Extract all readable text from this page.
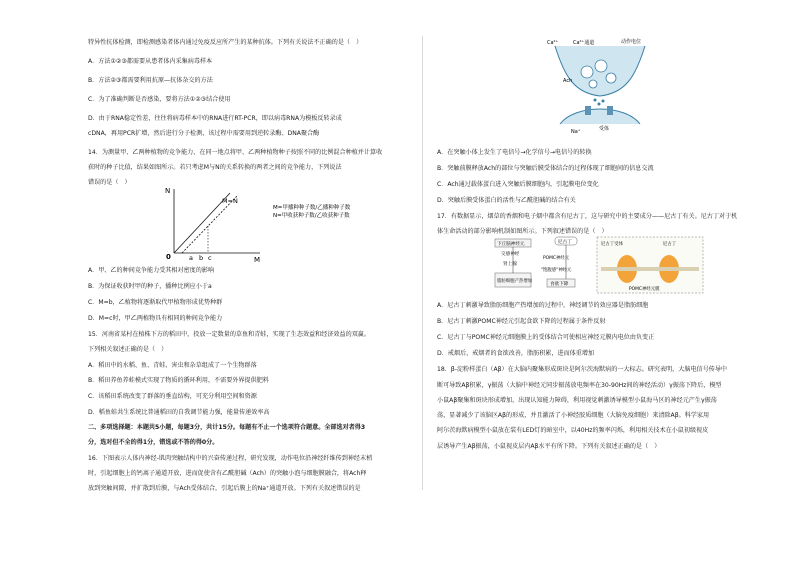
特异性抗体检测，即检测感染者体内通过免疫反应所产生的某种抗体。下列有关说法不正确的是（　）
A．方法①②③都需要从患者体内采集病毒样本
B．方法②③都需要利用抗原—抗体杂交的方法
C．为了准确判断是否感染，要将方法①②③结合使用
D．由于RNA稳定性差，往往将病毒样本中的RNA进行RT-PCR，即以病毒RNA为模板反转录成
cDNA，再用PCR扩增，然后进行分子检测，该过程中需要用到逆转录酶、DNA聚合酶
14．为测量甲、乙两种植物的竞争能力，在同一地点将甲、乙两种植物种子按照不同的比例混合种植并计算收
获时的种子比值，结果如图所示。若只考虑M与N的关系转换的两者之间的竞争能力，下列说法
错误的是（　）
N
M
0	a b c
M=N
M=甲播种种子数/乙播种种子数
N=甲收获种子数/乙收获种子数
A．甲、乙的种间竞争能力受其相对密度的影响
B．为保证收获时甲的种子，播种比例应小于a
C．M=b，乙植物将逐渐取代甲植物形成优势种群
D．M=c时，甲乙两植物具有相同的种间竞争能力
15．河南省某村在植株下方的稻田中，投放一定数量的草鱼和青蛙，实现了生态效益和经济效益的双赢。
下列相关叙述正确的是（　）
A．稻田中的水稻、鱼、青蛙、害虫和杂草组成了一个生物群落
B．稻田养鱼养蛙模式实现了物质的循环利用，不需要外界提供肥料
C．该稻田系统改变了群落的垂直结构，可充分利用空间和资源
D．稻鱼蛙共生系统比普通稻田的自我调节能力强，能量传递效率高
二、多项选择题：本题共5小题，每题3分，共计15分。每题有不止一个选项符合题意。全部选对者得3
分，选对但不全的得1分，错选或不答的得0分。
16．下图表示人体内神经-肌肉突触结构中的兴奋传递过程，研究发现，动作电位沿神经纤维传到神经末梢
时，引起细胞上的钙离子通道开放，进而促使含有乙酰胆碱（Ach）的突触小泡与细胞膜融合，将Ach释
放到突触间隙，并扩散到后膜，与Ach受体结合，引起后膜上的Na⁺通道开放。下列有关叙述错误的是
Ca²⁺	Ca²⁺通道	动作电位
Ach
Na⁺	受体
A．在突触小体上发生了电信号→化学信号→电信号的转换
B．突触前膜释放Ach的部位与突触后膜受体结合的过程体现了细胞间的信息交流
C．Ach通过载体蛋白进入突触后膜细胞内，引起膜电位变化
D．突触后膜受体蛋白的活性与乙酰胆碱的结合有关
17．有数据显示，烟草的香烟和电子烟中都含有尼古丁，这与研究中的主要成分——尼古丁有关。尼古丁对于机
体生命活动的部分影响机制如图所示。下列叙述错误的是（　）
下丘脑神经元
交感神经
肾上腺
脂肪细胞产热增加
尼古丁
POMC神经元
"饱腹感"神经元
食欲下降
尼古丁受体	尼古丁
POMC神经元膜
A．尼古丁刺激导致脂肪细胞产热增加的过程中，神经调节的效应器是脂肪细胞
B．尼古丁刺激POMC神经元引起食欲下降的过程属于条件反射
C．尼古丁与POMC神经元细胞膜上的受体结合可使相应神经元膜内电位由负变正
D．戒烟后，戒烟者的食欲改善，脂肪积累，进而体重增加
18．β-淀粉样蛋白（Aβ）在大脑内聚集形成斑块是阿尔茨海默病的一大标志。研究表明，大脑电信号传导中
断可导致Aβ积累，γ振荡（大脑中神经元同步振荡放电频率在30-90Hz间的神经活动）γ振荡下降后，模型
小鼠Aβ聚集和斑块形成增加，出现认知能力障碍，利用视觉刺激诱导模型小鼠海马区的神经元产生γ振荡
荡，显著减少了该脑区Aβ的形成，并且激活了小神经胶质细胞（大脑免疫细胞）来清除Aβ。科学家用
阿尔茨海默病模型小鼠放在装有LED灯的暗室中，以40Hz的频率闪烁，利用相关技术在小鼠初级视皮
层诱导产生Aβ振荡，小鼠视皮层内Aβ水平有所下降。下列有关叙述正确的是（　）
